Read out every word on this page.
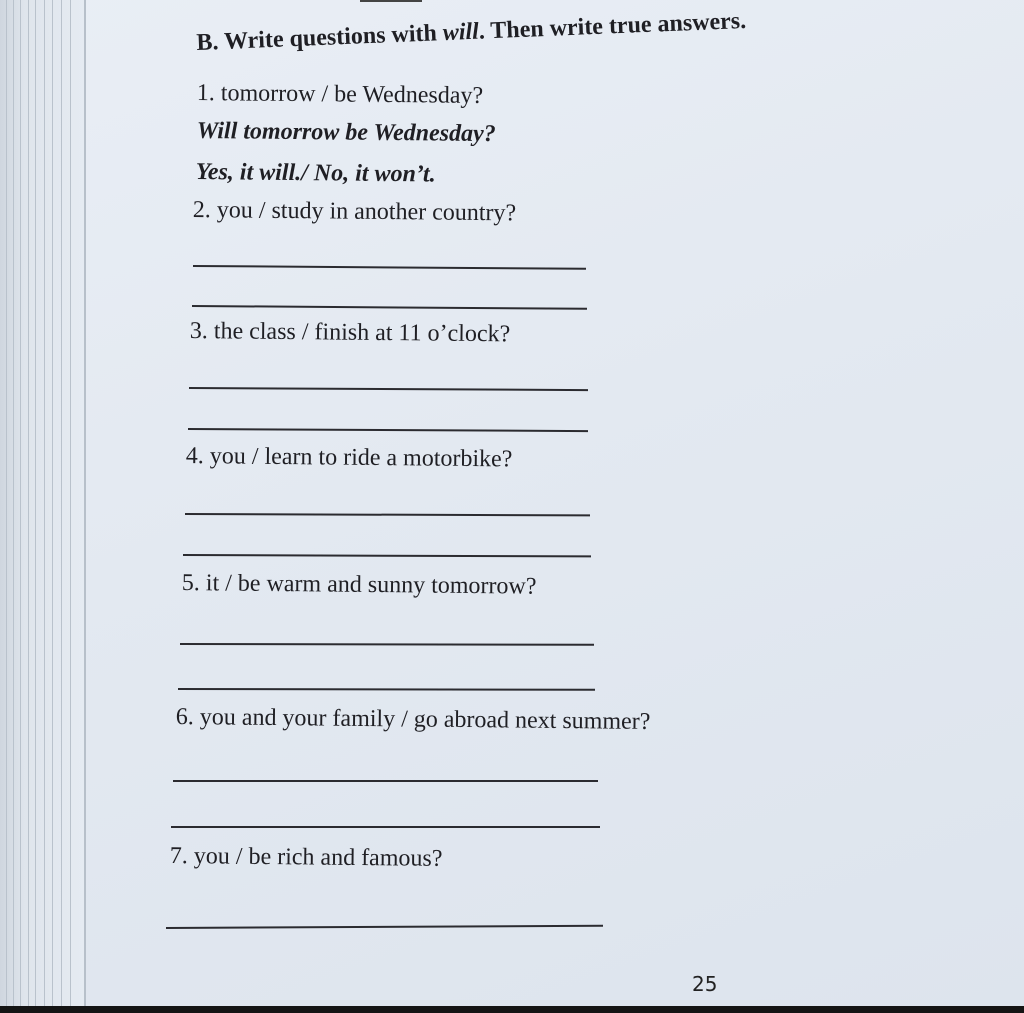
B. Write questions with will. Then write true answers.
1. tomorrow / be Wednesday?
Will tomorrow be Wednesday?
Yes, it will./ No, it won’t.
2. you / study in another country?
3. the class / finish at 11 o’clock?
4. you / learn to ride a motorbike?
5. it / be warm and sunny tomorrow?
6. you and your family / go abroad next summer?
7. you / be rich and famous?
25
